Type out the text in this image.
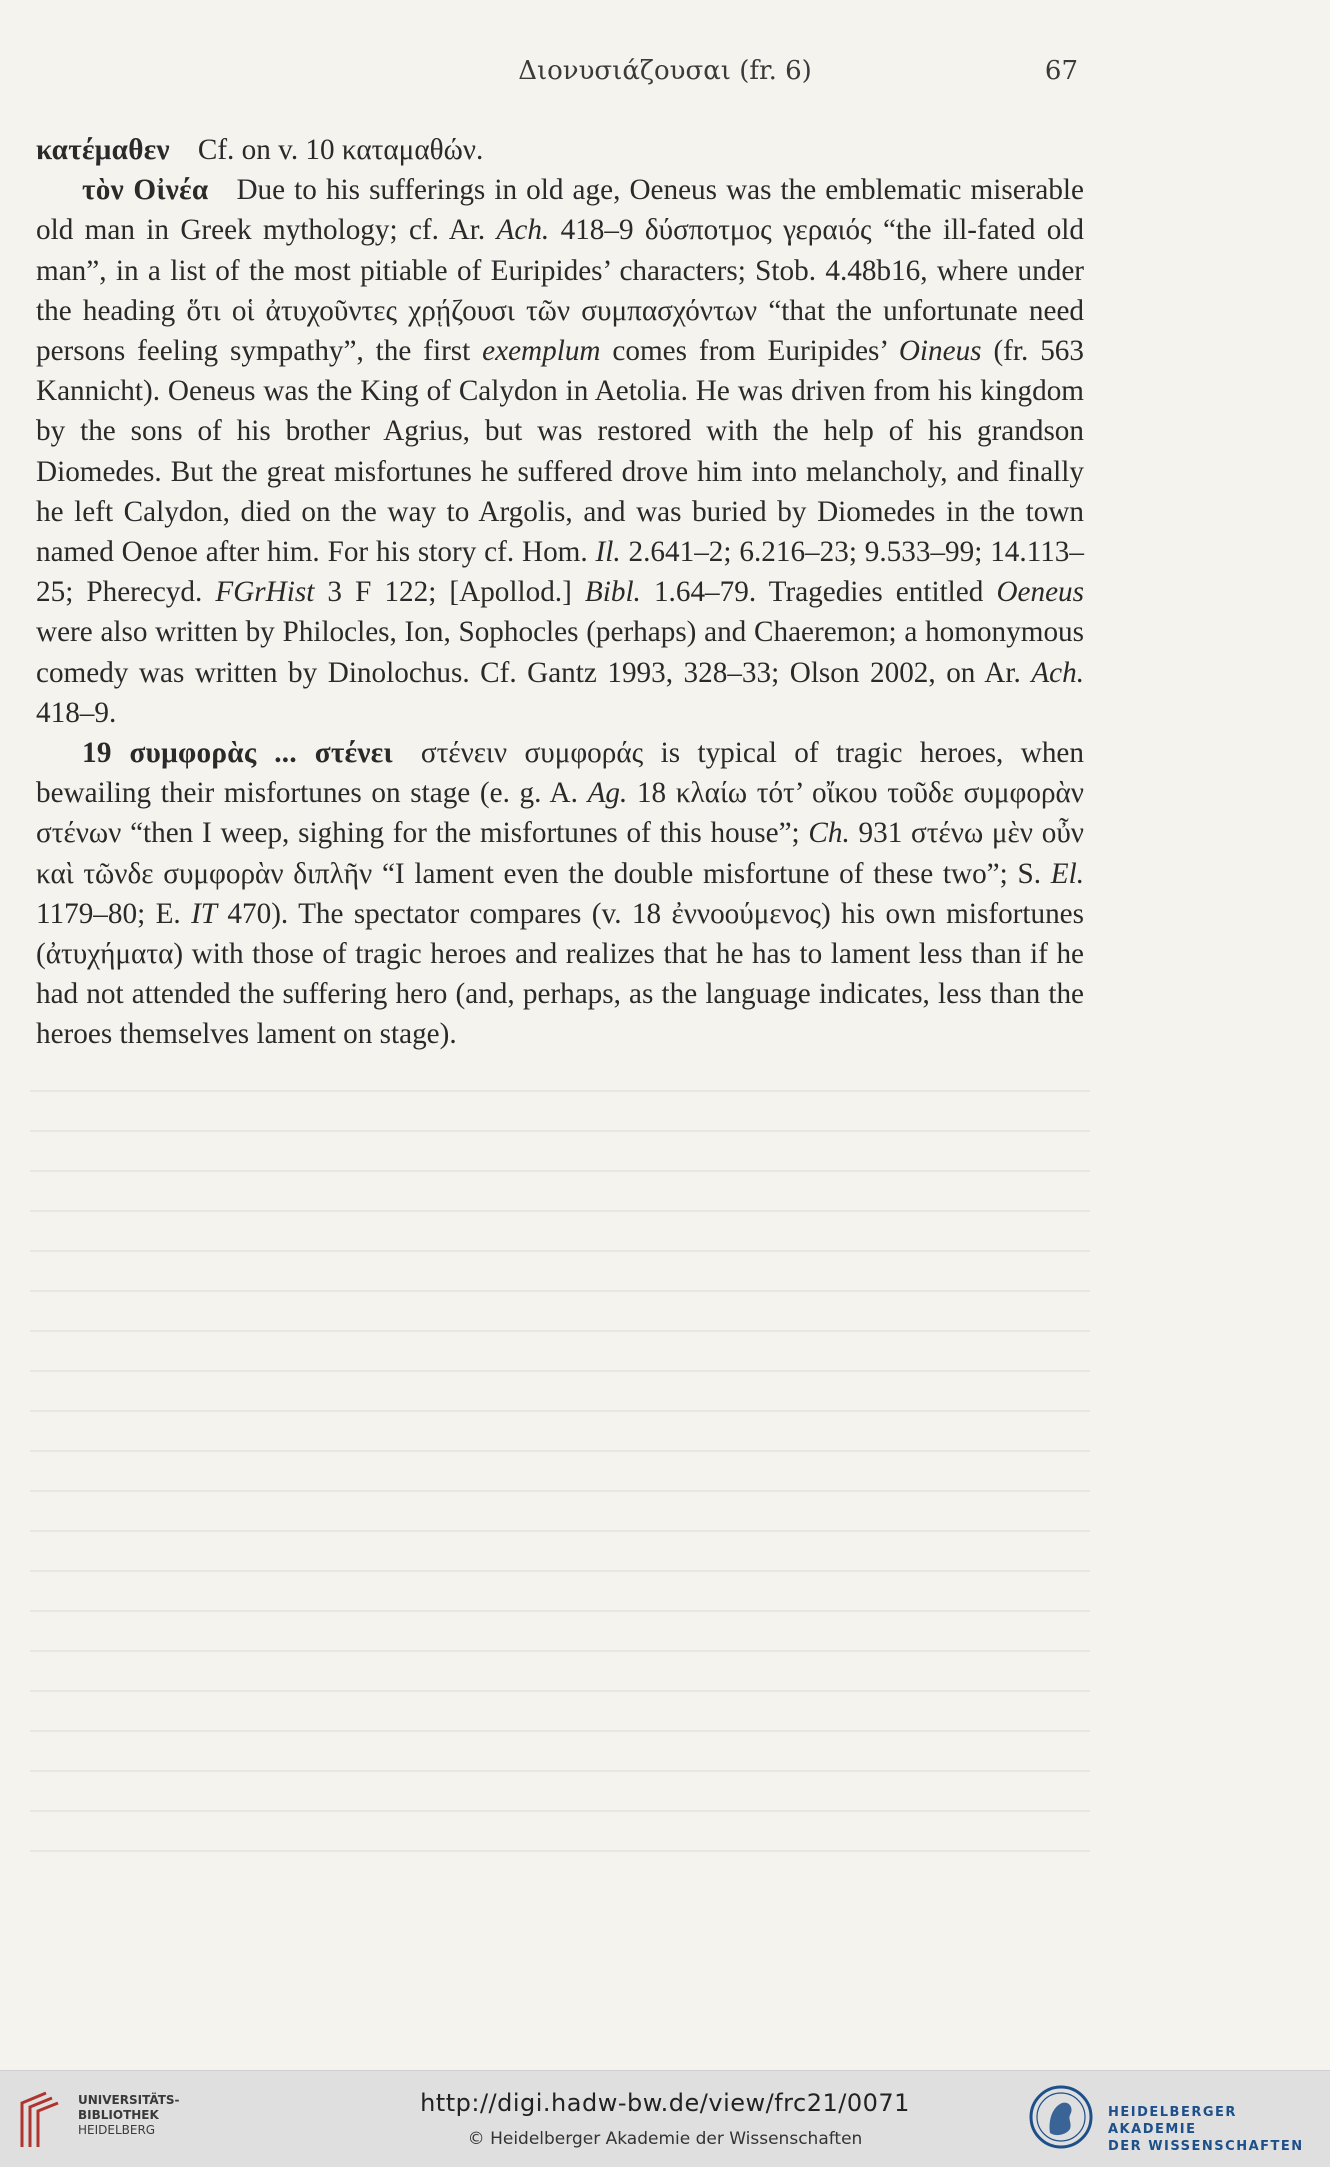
Διονυσιάζουσαι (fr. 6)	67

κατέμαθεν Cf. on v. 10 καταμαθών.

τὸν Οἰνέα Due to his sufferings in old age, Oeneus was the emblematic miserable old man in Greek mythology; cf. Ar. Ach. 418–9 δύσποτμος γεραιός “the ill-fated old man”, in a list of the most pitiable of Euripides’ characters; Stob. 4.48b16, where under the heading ὅτι οἱ ἀτυχοῦντες χρῄζουσι τῶν συμπασχόντων “that the unfortunate need persons feeling sympathy”, the first exemplum comes from Euripides’ Oineus (fr. 563 Kannicht). Oeneus was the King of Calydon in Aetolia. He was driven from his kingdom by the sons of his brother Agrius, but was restored with the help of his grandson Diomedes. But the great misfortunes he suffered drove him into melancholy, and finally he left Calydon, died on the way to Argolis, and was buried by Diomedes in the town named Oenoe after him. For his story cf. Hom. Il. 2.641–2; 6.216–23; 9.533–99; 14.113–25; Pherecyd. FGrHist 3 F 122; [Apollod.] Bibl. 1.64–79. Tragedies entitled Oeneus were also written by Philocles, Ion, Sophocles (perhaps) and Chaeremon; a homonymous comedy was written by Dinolochus. Cf. Gantz 1993, 328–33; Olson 2002, on Ar. Ach. 418–9.

19 συμφορὰς ... στένει στένειν συμφοράς is typical of tragic heroes, when bewailing their misfortunes on stage (e. g. A. Ag. 18 κλαίω τότ’ οἴκου τοῦδε συμφορὰν στένων “then I weep, sighing for the misfortunes of this house”; Ch. 931 στένω μὲν οὖν καὶ τῶνδε συμφορὰν διπλῆν “I lament even the double misfortune of these two”; S. El. 1179–80; E. IT 470). The spectator compares (v. 18 ἐννοούμενος) his own misfortunes (ἀτυχήματα) with those of tragic heroes and realizes that he has to lament less than if he had not attended the suffering hero (and, perhaps, as the language indicates, less than the heroes themselves lament on stage).

UNIVERSITÄTS-
BIBLIOTHEK
HEIDELBERG
http://digi.hadw-bw.de/view/frc21/0071
© Heidelberger Akademie der Wissenschaften
HEIDELBERGER AKADEMIE
DER WISSENSCHAFTEN
